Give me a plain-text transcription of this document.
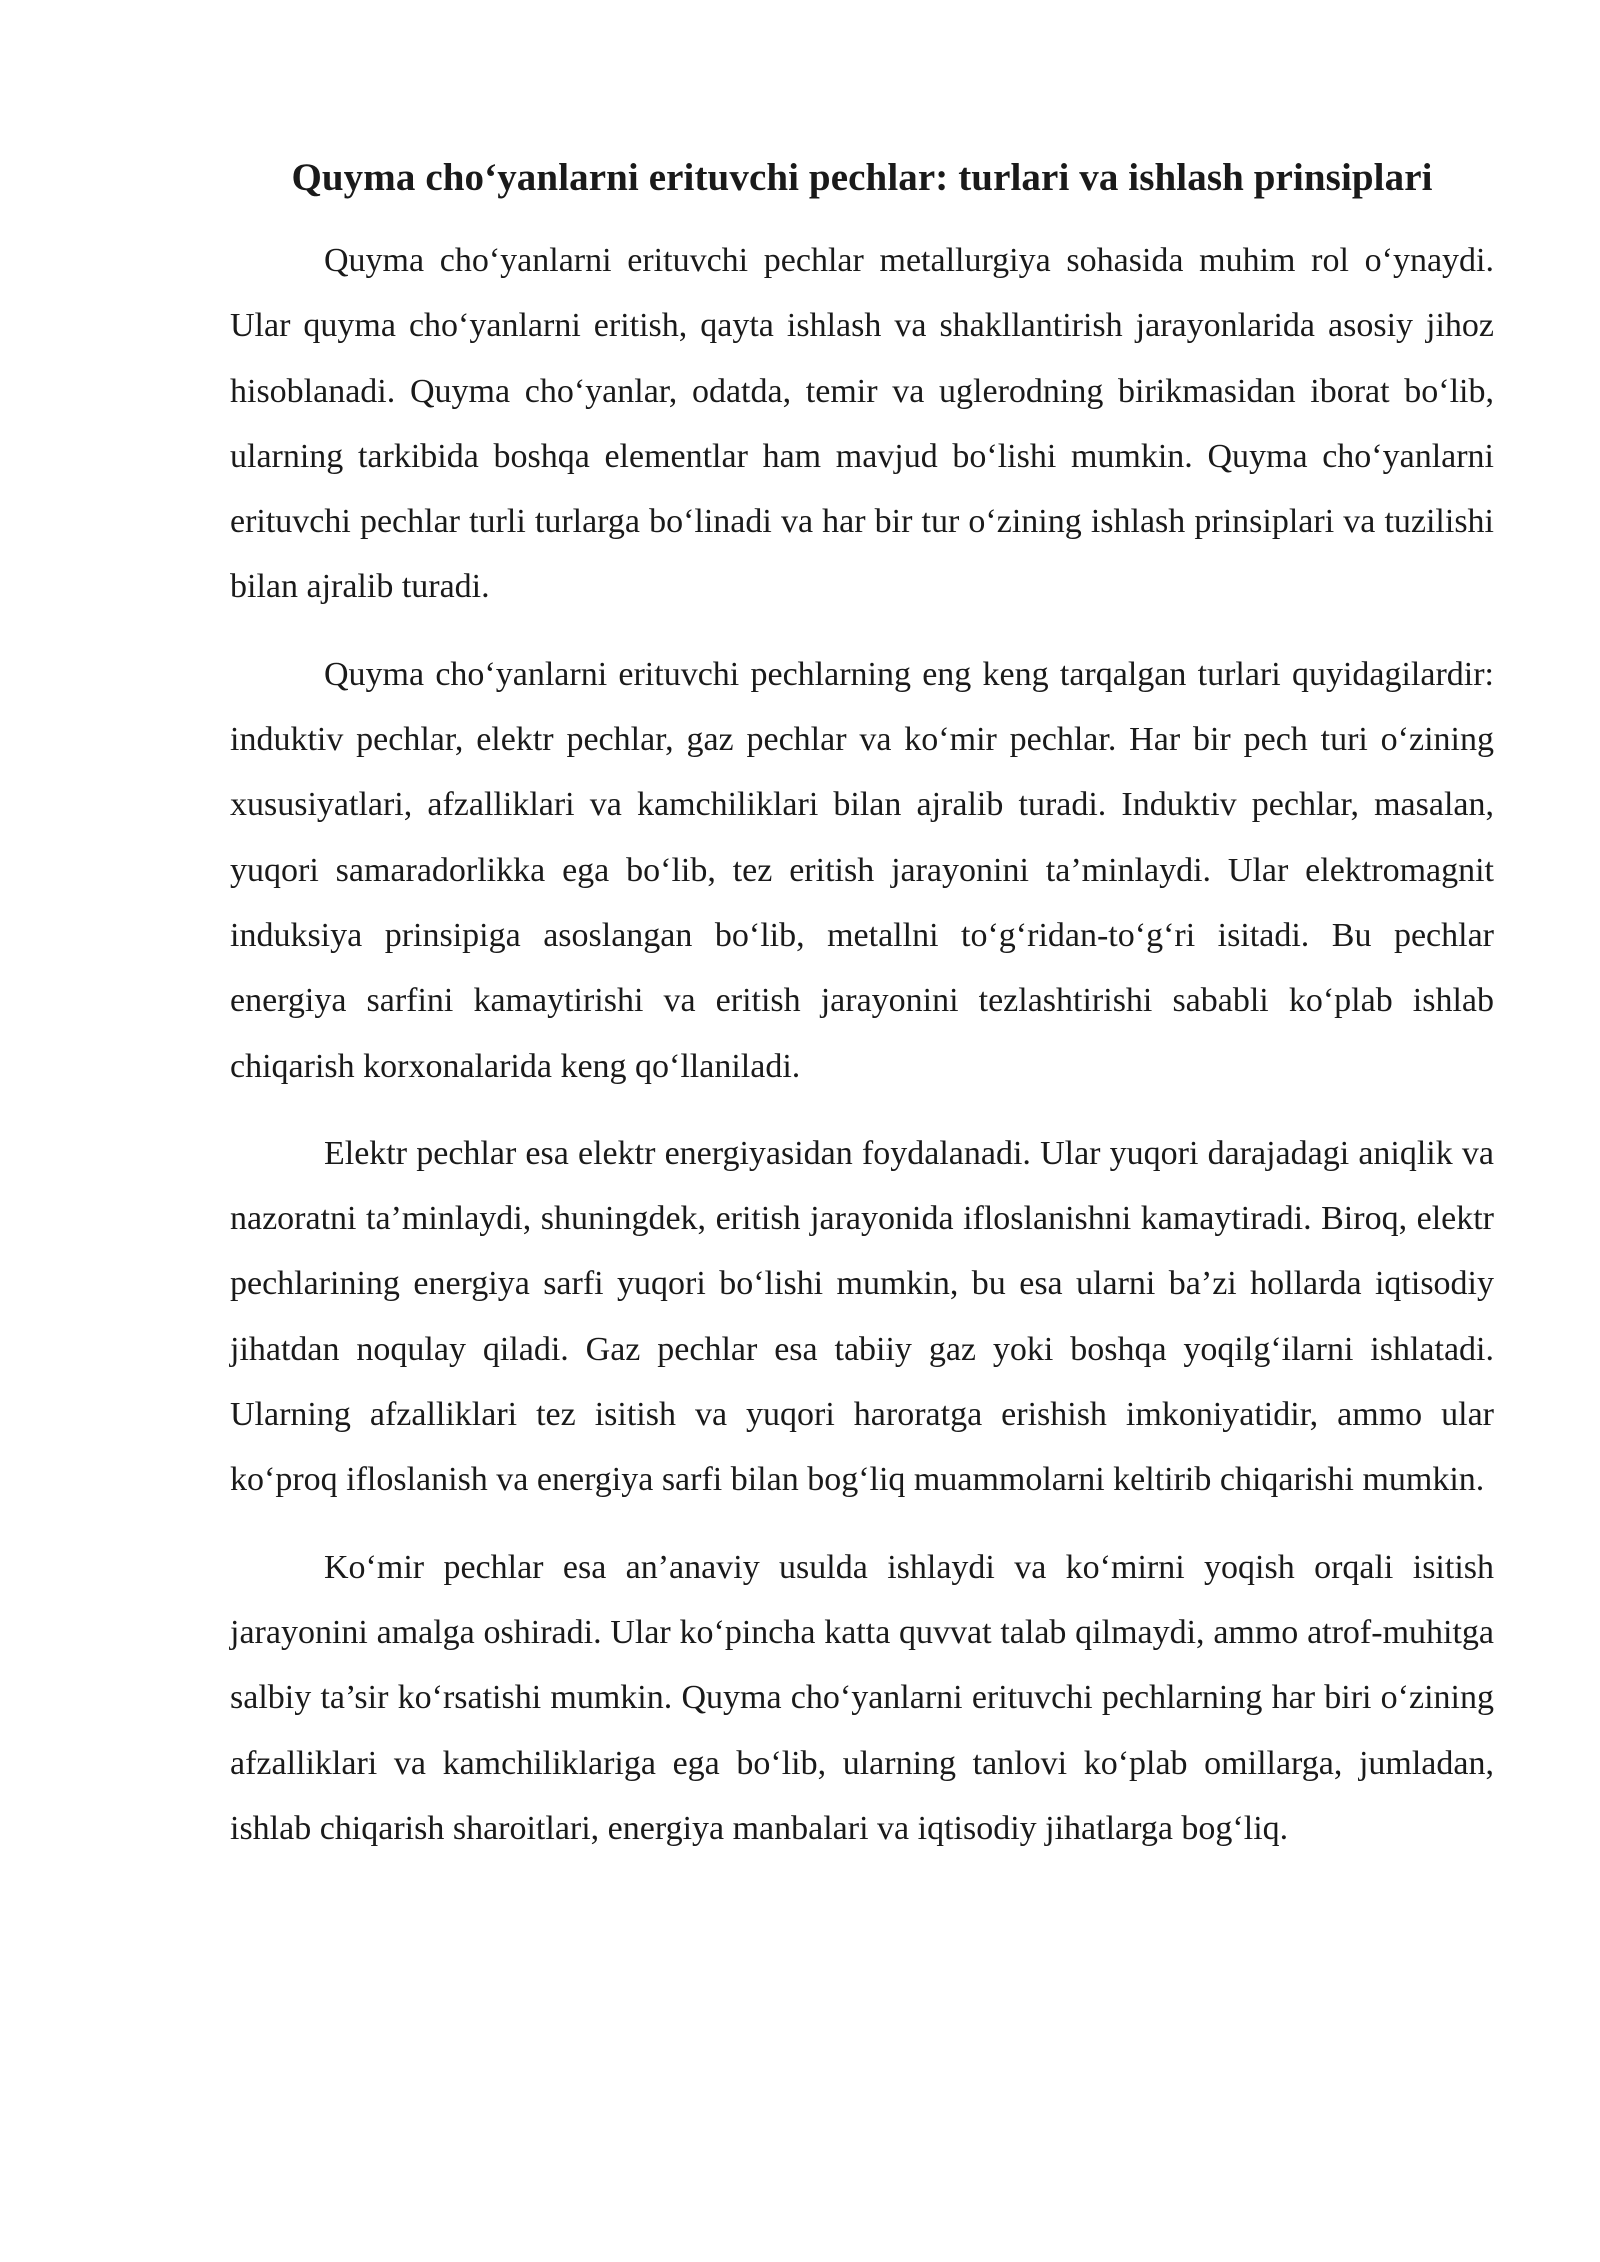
Quyma cho‘yanlarni erituvchi pechlar: turlari va ishlash prinsiplari

Quyma cho‘yanlarni erituvchi pechlar metallurgiya sohasida muhim rol o‘ynaydi. Ular quyma cho‘yanlarni eritish, qayta ishlash va shakllantirish jarayonlarida asosiy jihoz hisoblanadi. Quyma cho‘yanlar, odatda, temir va uglerodning birikmasidan iborat bo‘lib, ularning tarkibida boshqa elementlar ham mavjud bo‘lishi mumkin. Quyma cho‘yanlarni erituvchi pechlar turli turlarga bo‘linadi va har bir tur o‘zining ishlash prinsiplari va tuzilishi bilan ajralib turadi.

Quyma cho‘yanlarni erituvchi pechlarning eng keng tarqalgan turlari quyidagilardir: induktiv pechlar, elektr pechlar, gaz pechlar va ko‘mir pechlar. Har bir pech turi o‘zining xususiyatlari, afzalliklari va kamchiliklari bilan ajralib turadi. Induktiv pechlar, masalan, yuqori samaradorlikka ega bo‘lib, tez eritish jarayonini ta’minlaydi. Ular elektromagnit induksiya prinsipiga asoslangan bo‘lib, metallni to‘g‘ridan-to‘g‘ri isitadi. Bu pechlar energiya sarfini kamaytirishi va eritish jarayonini tezlashtirishi sababli ko‘plab ishlab chiqarish korxonalarida keng qo‘llaniladi.

Elektr pechlar esa elektr energiyasidan foydalanadi. Ular yuqori darajadagi aniqlik va nazoratni ta’minlaydi, shuningdek, eritish jarayonida ifloslanishni kamaytiradi. Biroq, elektr pechlarining energiya sarfi yuqori bo‘lishi mumkin, bu esa ularni ba’zi hollarda iqtisodiy jihatdan noqulay qiladi. Gaz pechlar esa tabiiy gaz yoki boshqa yoqilg‘ilarni ishlatadi. Ularning afzalliklari tez isitish va yuqori haroratga erishish imkoniyatidir, ammo ular ko‘proq ifloslanish va energiya sarfi bilan bog‘liq muammolarni keltirib chiqarishi mumkin.

Ko‘mir pechlar esa an’anaviy usulda ishlaydi va ko‘mirni yoqish orqali isitish jarayonini amalga oshiradi. Ular ko‘pincha katta quvvat talab qilmaydi, ammo atrof-muhitga salbiy ta’sir ko‘rsatishi mumkin. Quyma cho‘yanlarni erituvchi pechlarning har biri o‘zining afzalliklari va kamchiliklariga ega bo‘lib, ularning tanlovi ko‘plab omillarga, jumladan, ishlab chiqarish sharoitlari, energiya manbalari va iqtisodiy jihatlarga bog‘liq.
